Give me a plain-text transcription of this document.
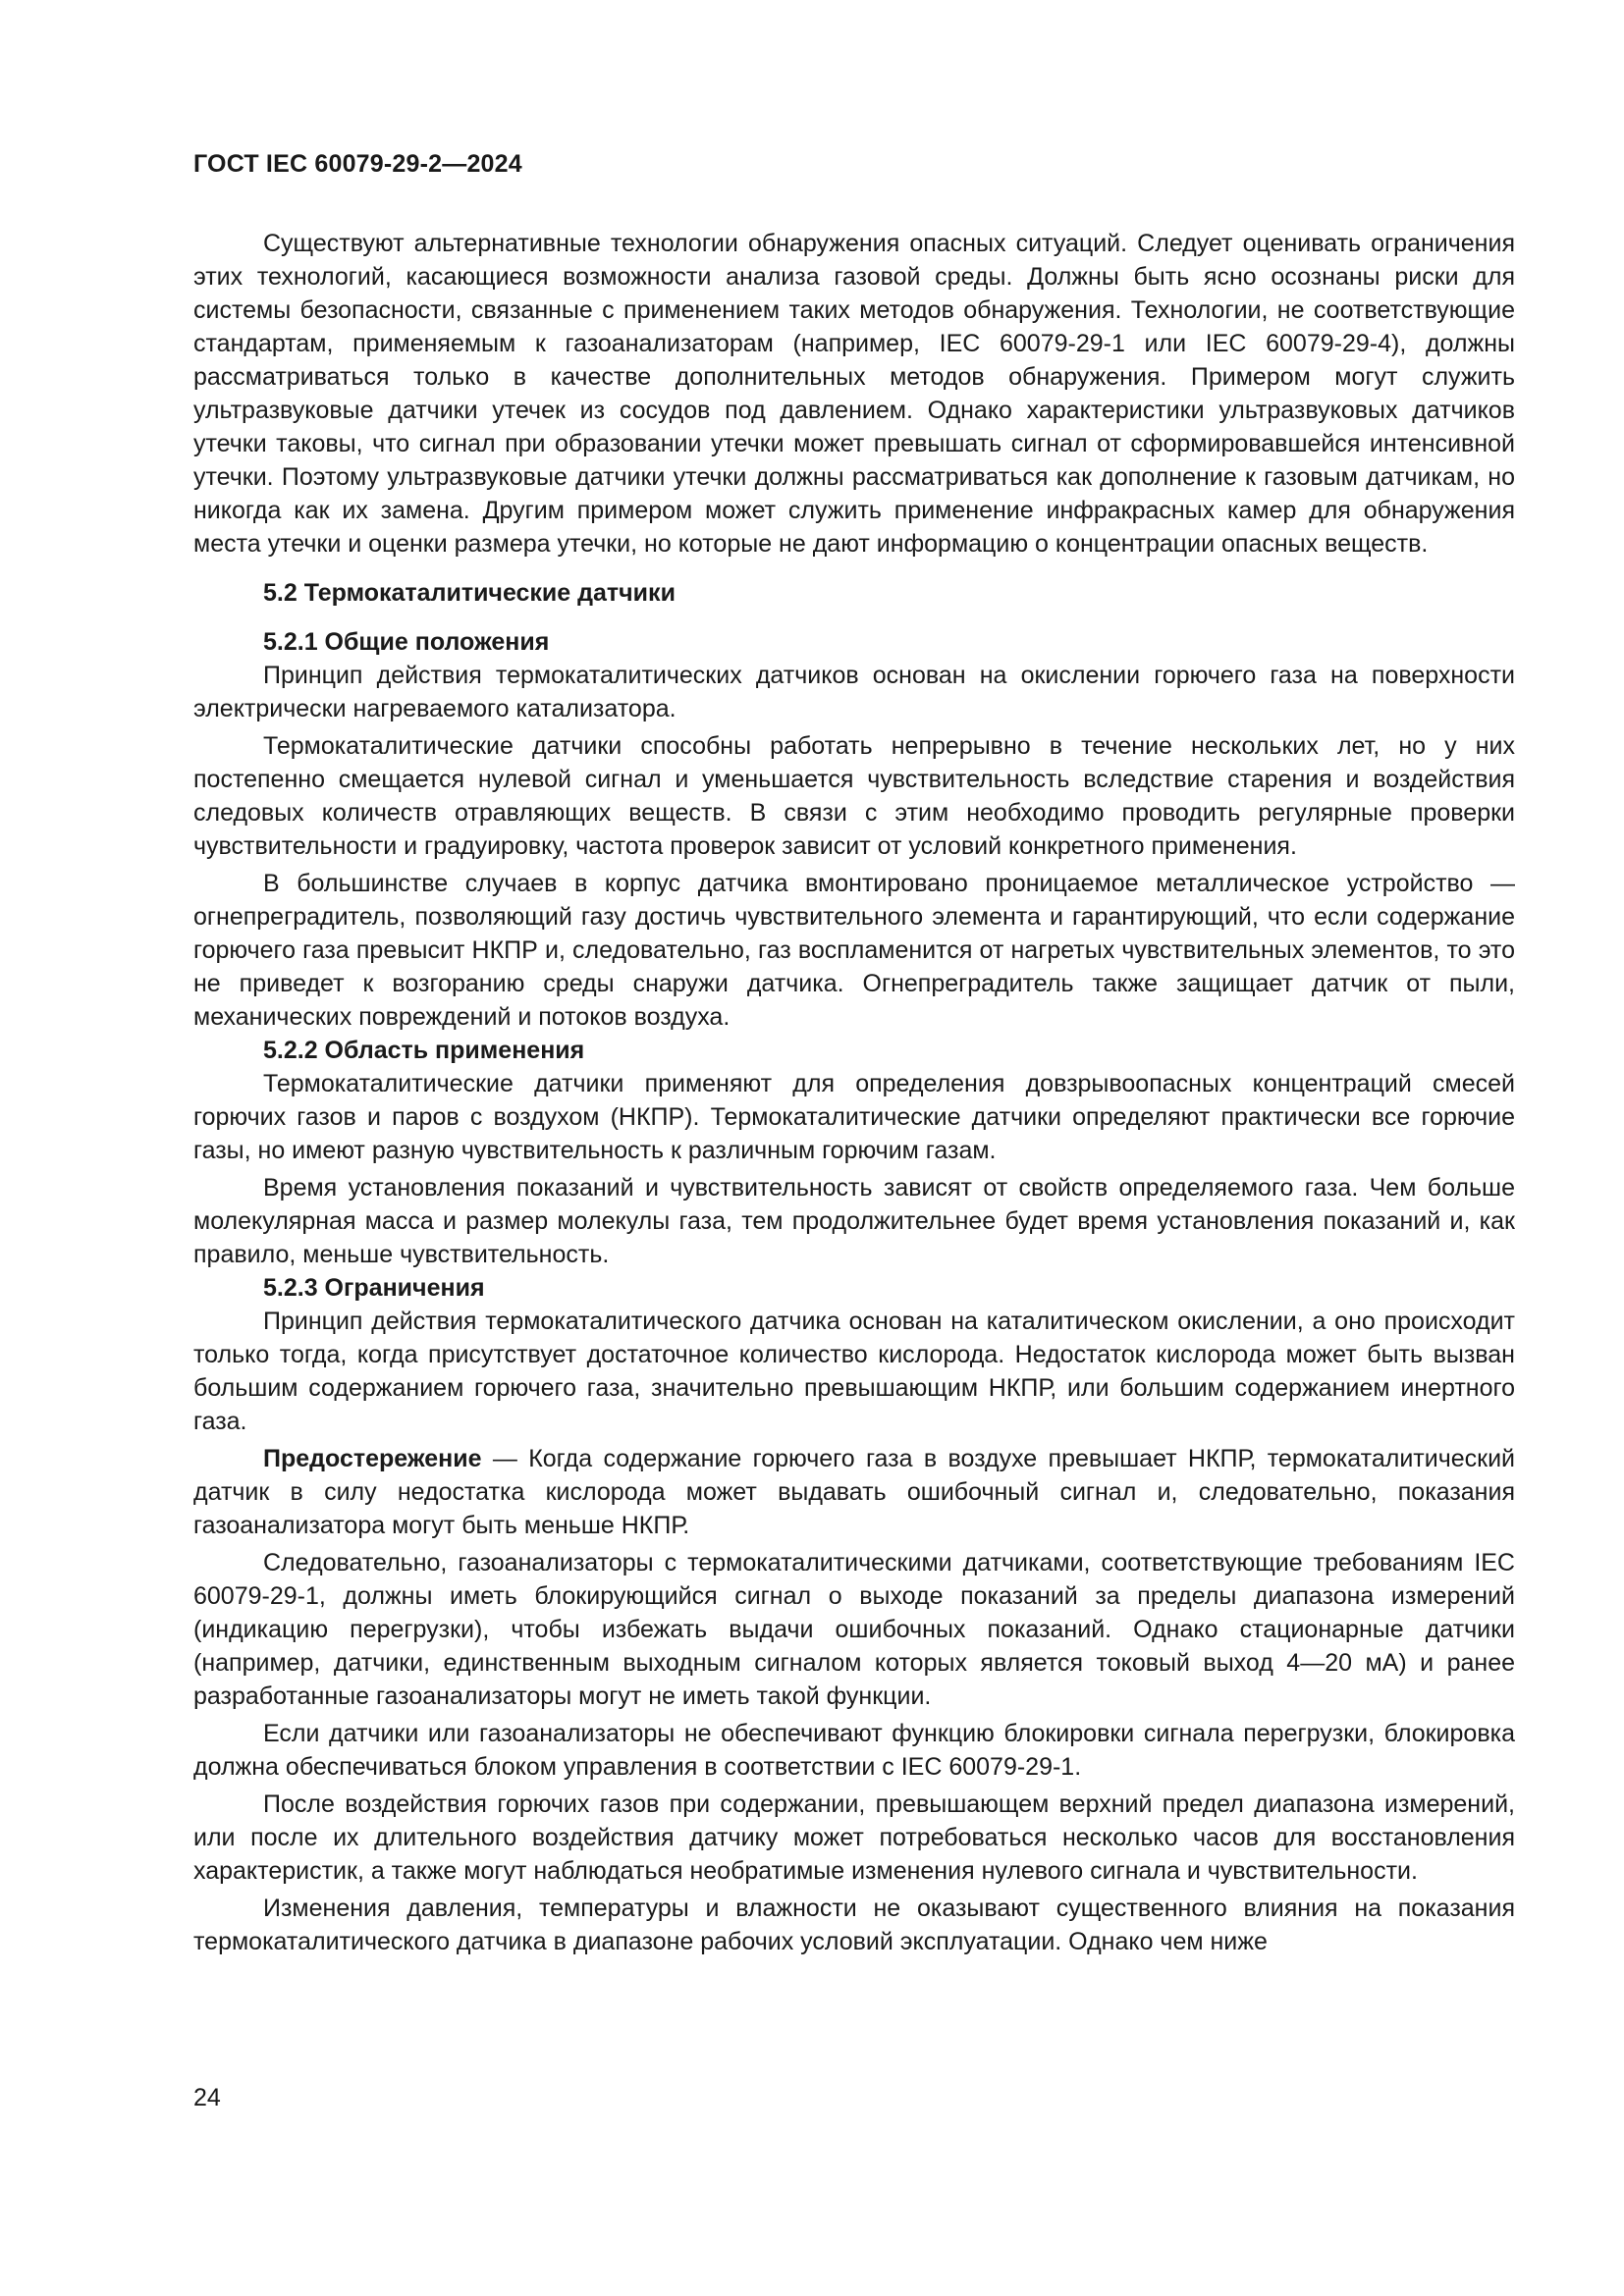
ГОСТ IEC 60079-29-2—2024

Существуют альтернативные технологии обнаружения опасных ситуаций. Следует оценивать ограничения этих технологий, касающиеся возможности анализа газовой среды. Должны быть ясно осознаны риски для системы безопасности, связанные с применением таких методов обнаружения. Технологии, не соответствующие стандартам, применяемым к газоанализаторам (например, IEC 60079-29-1 или IEC 60079-29-4), должны рассматриваться только в качестве дополнительных методов обнаружения. Примером могут служить ультразвуковые датчики утечек из сосудов под давлением. Однако характеристики ультразвуковых датчиков утечки таковы, что сигнал при образовании утечки может превышать сигнал от сформировавшейся интенсивной утечки. Поэтому ультразвуковые датчики утечки должны рассматриваться как дополнение к газовым датчикам, но никогда как их замена. Другим примером может служить применение инфракрасных камер для обнаружения места утечки и оценки размера утечки, но которые не дают информацию о концентрации опасных веществ.

5.2 Термокаталитические датчики
5.2.1 Общие положения

Принцип действия термокаталитических датчиков основан на окислении горючего газа на поверхности электрически нагреваемого катализатора.

Термокаталитические датчики способны работать непрерывно в течение нескольких лет, но у них постепенно смещается нулевой сигнал и уменьшается чувствительность вследствие старения и воздействия следовых количеств отравляющих веществ. В связи с этим необходимо проводить регулярные проверки чувствительности и градуировку, частота проверок зависит от условий конкретного применения.

В большинстве случаев в корпус датчика вмонтировано проницаемое металлическое устройство — огнепреградитель, позволяющий газу достичь чувствительного элемента и гарантирующий, что если содержание горючего газа превысит НКПР и, следовательно, газ воспламенится от нагретых чувствительных элементов, то это не приведет к возгоранию среды снаружи датчика. Огнепреградитель также защищает датчик от пыли, механических повреждений и потоков воздуха.

5.2.2 Область применения

Термокаталитические датчики применяют для определения довзрывоопасных концентраций смесей горючих газов и паров с воздухом (НКПР). Термокаталитические датчики определяют практически все горючие газы, но имеют разную чувствительность к различным горючим газам.

Время установления показаний и чувствительность зависят от свойств определяемого газа. Чем больше молекулярная масса и размер молекулы газа, тем продолжительнее будет время установления показаний и, как правило, меньше чувствительность.

5.2.3 Ограничения

Принцип действия термокаталитического датчика основан на каталитическом окислении, а оно происходит только тогда, когда присутствует достаточное количество кислорода. Недостаток кислорода может быть вызван большим содержанием горючего газа, значительно превышающим НКПР, или большим содержанием инертного газа.

Предостережение — Когда содержание горючего газа в воздухе превышает НКПР, термокаталитический датчик в силу недостатка кислорода может выдавать ошибочный сигнал и, следовательно, показания газоанализатора могут быть меньше НКПР.

Следовательно, газоанализаторы с термокаталитическими датчиками, соответствующие требованиям IEC 60079-29-1, должны иметь блокирующийся сигнал о выходе показаний за пределы диапазона измерений (индикацию перегрузки), чтобы избежать выдачи ошибочных показаний. Однако стационарные датчики (например, датчики, единственным выходным сигналом которых является токовый выход 4—20 мА) и ранее разработанные газоанализаторы могут не иметь такой функции.

Если датчики или газоанализаторы не обеспечивают функцию блокировки сигнала перегрузки, блокировка должна обеспечиваться блоком управления в соответствии с IEC 60079-29-1.

После воздействия горючих газов при содержании, превышающем верхний предел диапазона измерений, или после их длительного воздействия датчику может потребоваться несколько часов для восстановления характеристик, а также могут наблюдаться необратимые изменения нулевого сигнала и чувствительности.

Изменения давления, температуры и влажности не оказывают существенного влияния на показания термокаталитического датчика в диапазоне рабочих условий эксплуатации. Однако чем ниже

24
